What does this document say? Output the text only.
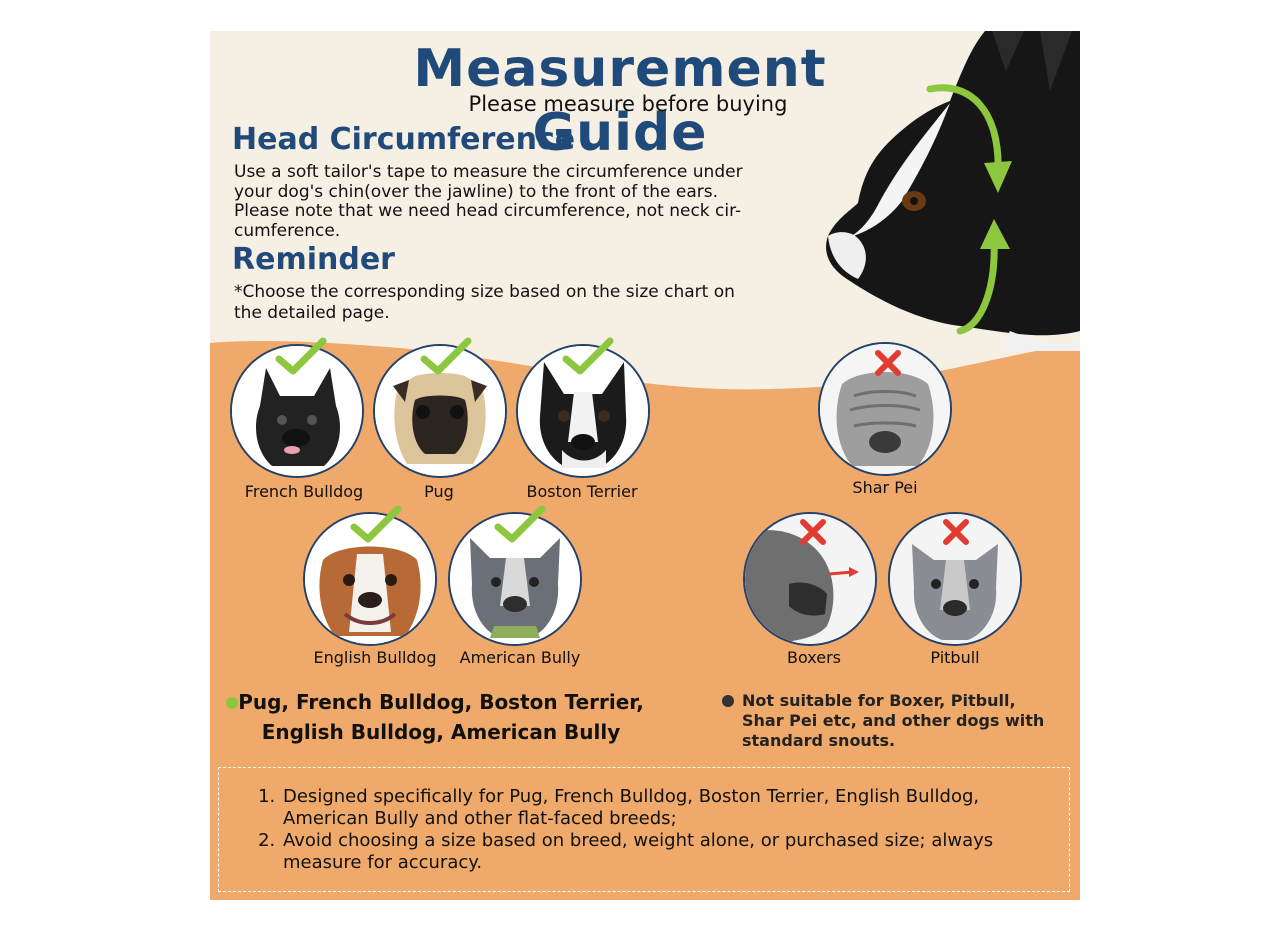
Measurement Guide
Please measure before buying
Head Circumference
Use a soft tailor's tape to measure the circumference under
your dog's chin(over the jawline) to the front of the ears.
Please note that we need head circumference, not neck cir-
cumference.
Reminder
*Choose the corresponding size based on the size chart on
the detailed page.
French Bulldog	Pug	Boston Terrier	Shar Pei
English Bulldog	American Bully	Boxers	Pitbull
Pug, French Bulldog, Boston Terrier,
English Bulldog, American Bully
Not suitable for Boxer, Pitbull,
Shar Pei etc, and other dogs with
standard snouts.
1. Designed specifically for Pug, French Bulldog, Boston Terrier, English Bulldog, American Bully and other flat-faced breeds;
2. Avoid choosing a size based on breed, weight alone, or purchased size; always measure for accuracy.
